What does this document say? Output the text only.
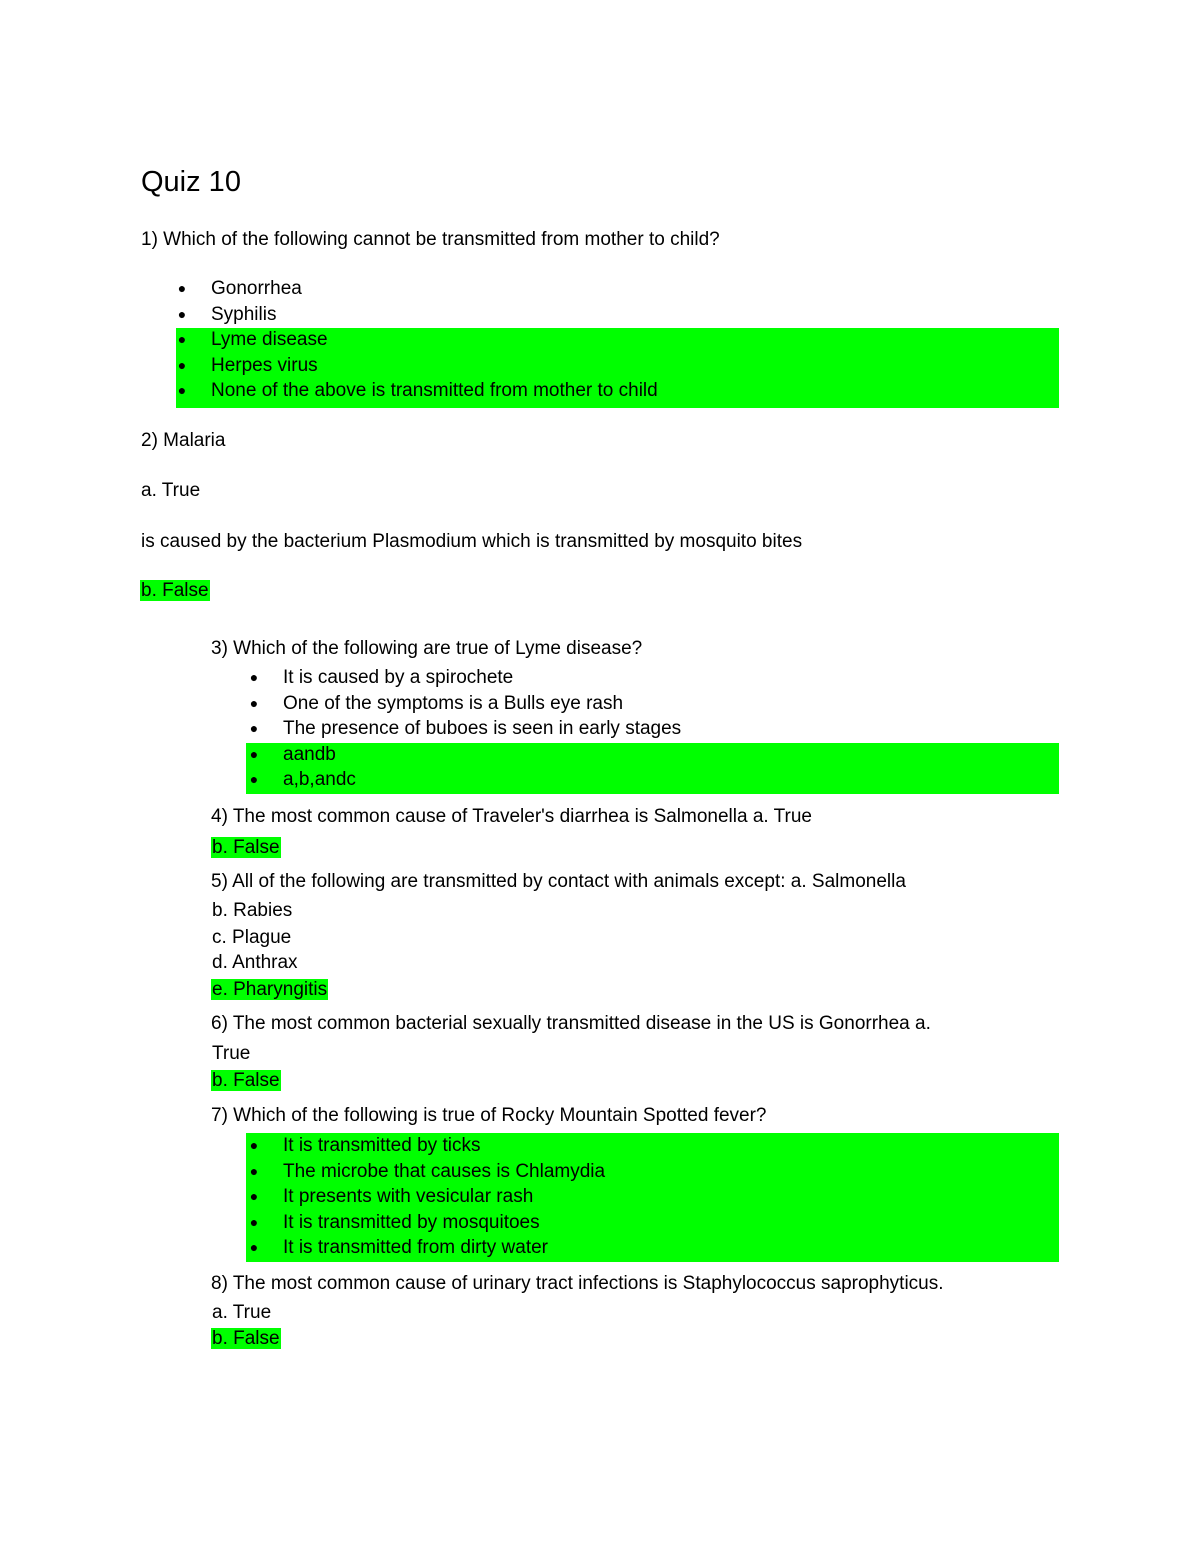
Quiz 10
1) Which of the following cannot be transmitted from mother to child?
● Gonorrhea
● Syphilis
● Lyme disease
● Herpes virus
● None of the above is transmitted from mother to child
2) Malaria
a. True
is caused by the bacterium Plasmodium which is transmitted by mosquito bites
b. False
3) Which of the following are true of Lyme disease?
● It is caused by a spirochete
● One of the symptoms is a Bulls eye rash
● The presence of buboes is seen in early stages
● aandb
● a,b,andc
4) The most common cause of Traveler's diarrhea is Salmonella a. True
b. False
5) All of the following are transmitted by contact with animals except: a. Salmonella
b. Rabies
c. Plague
d. Anthrax
e. Pharyngitis
6) The most common bacterial sexually transmitted disease in the US is Gonorrhea a.
True
b. False
7) Which of the following is true of Rocky Mountain Spotted fever?
● It is transmitted by ticks
● The microbe that causes is Chlamydia
● It presents with vesicular rash
● It is transmitted by mosquitoes
● It is transmitted from dirty water
8) The most common cause of urinary tract infections is Staphylococcus saprophyticus.
a. True
b. False
